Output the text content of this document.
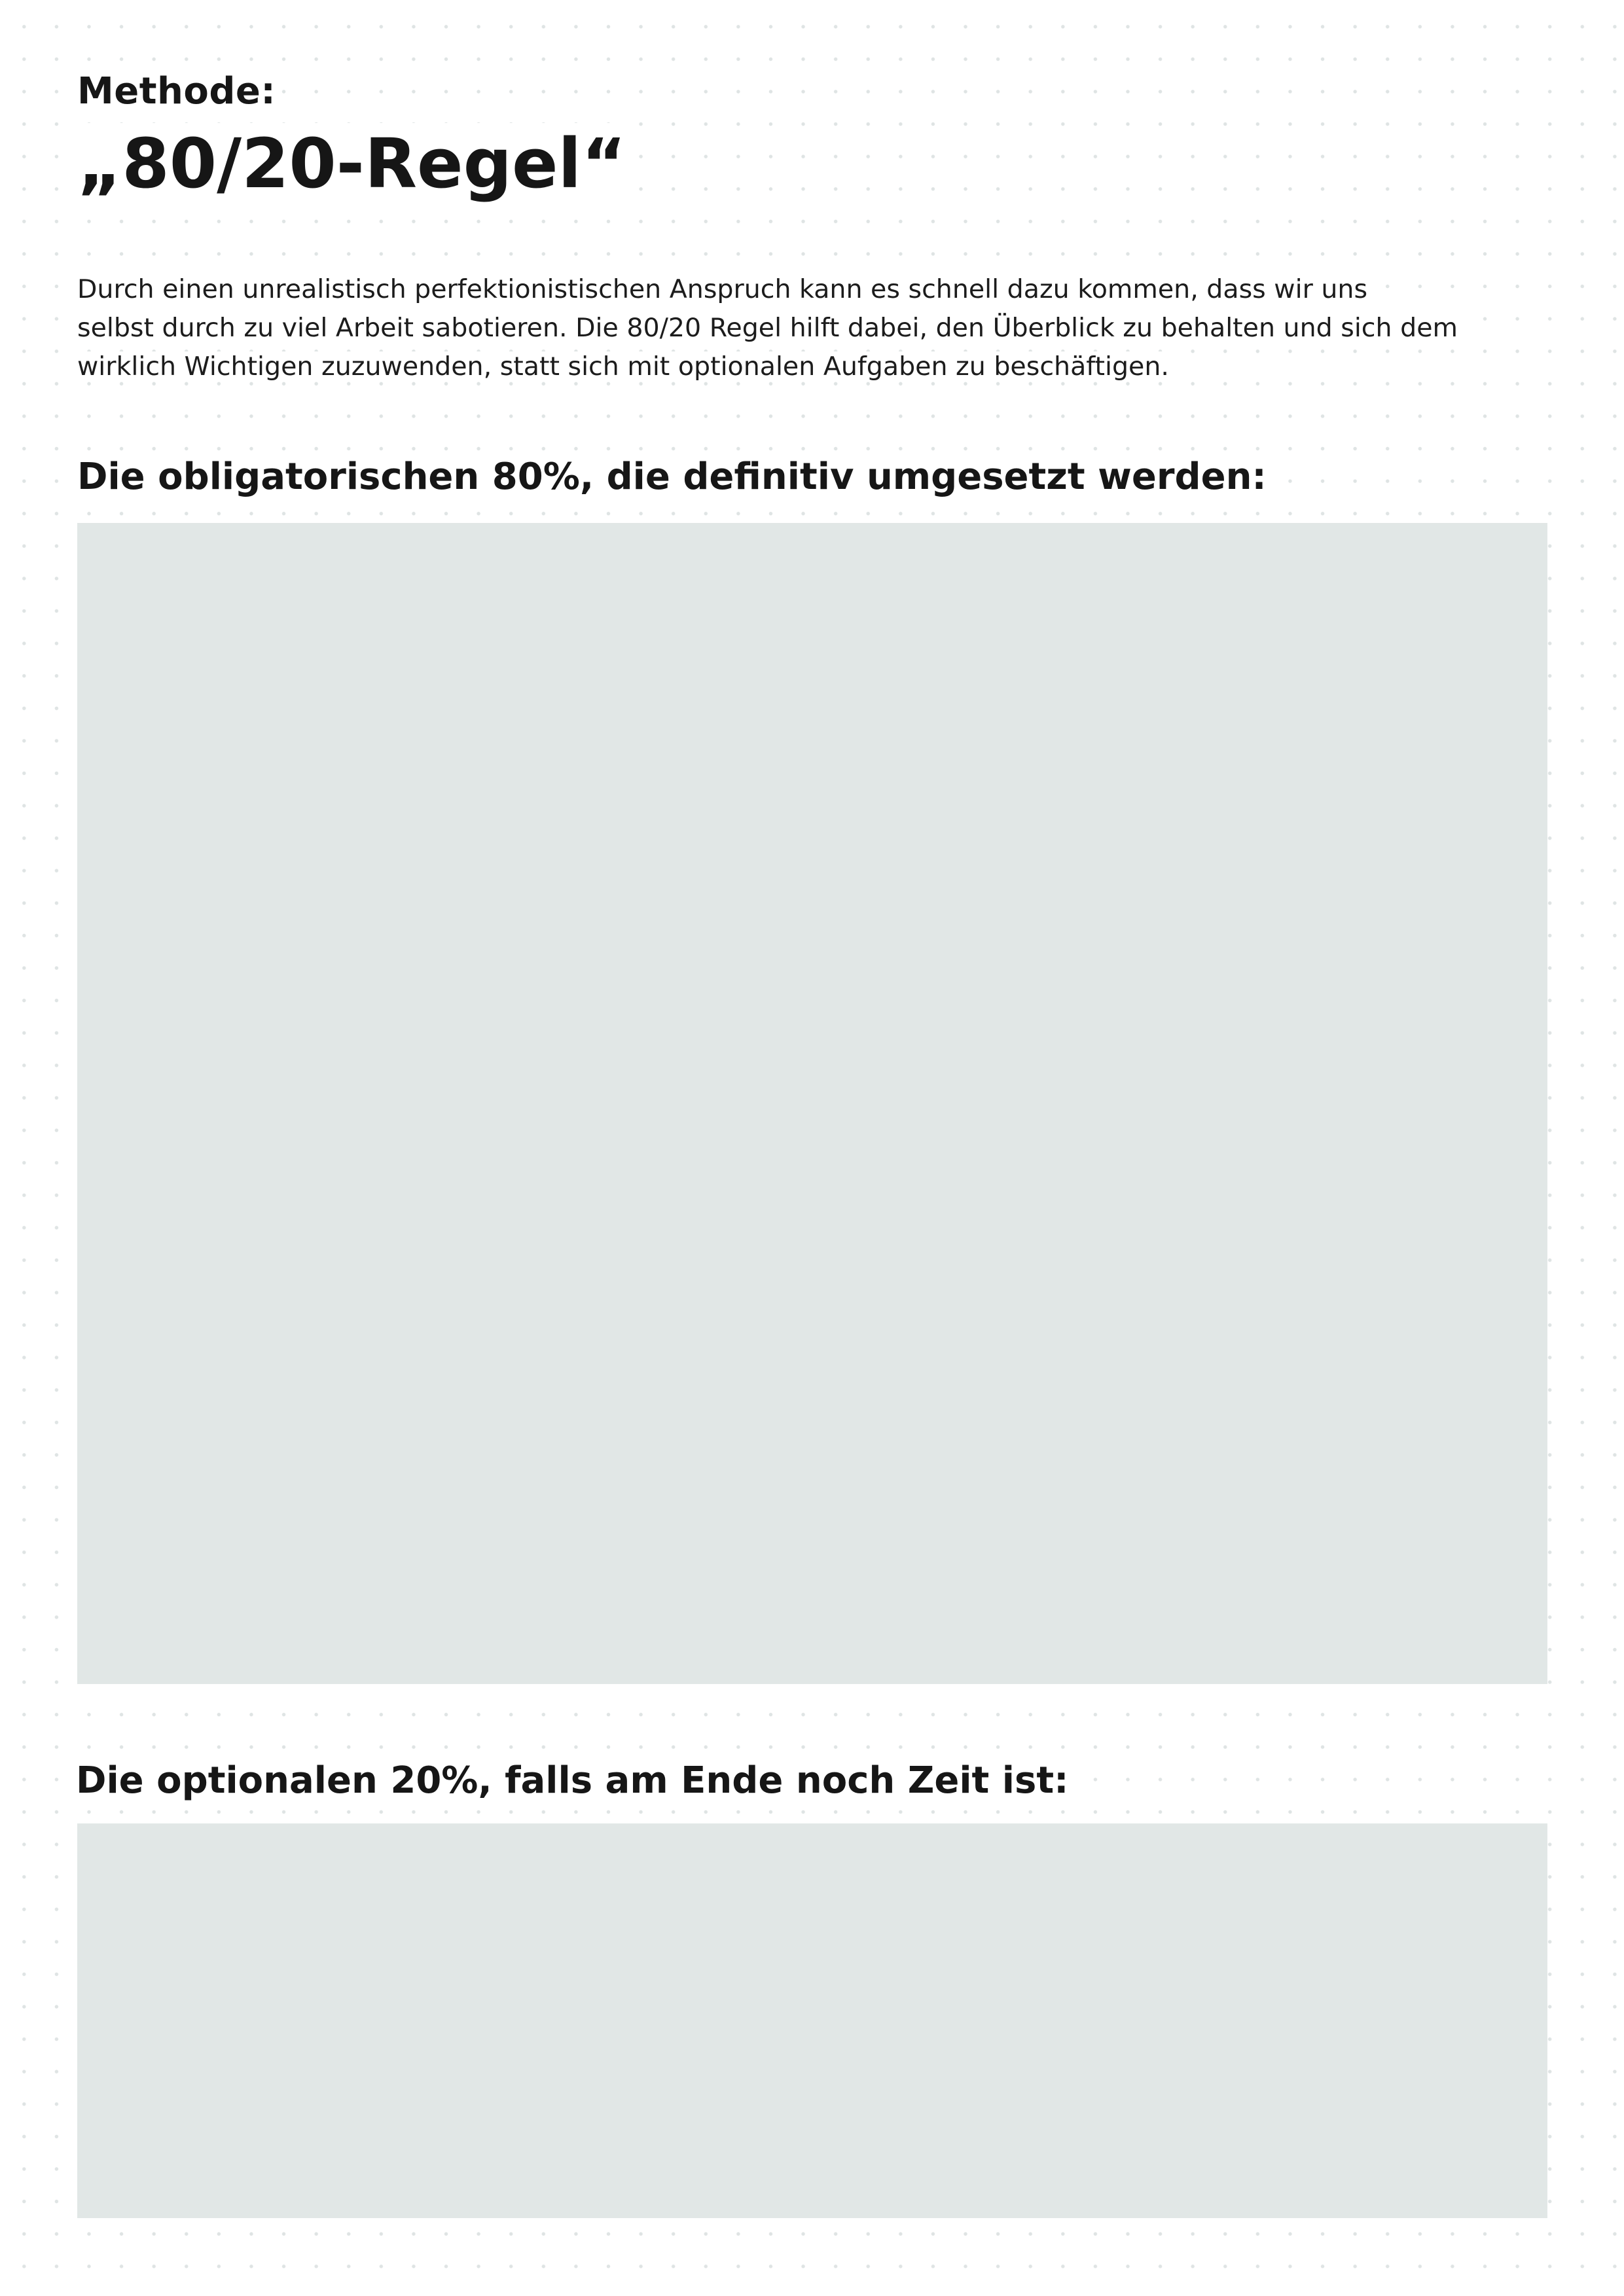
Methode:

„80/20-Regel“

Durch einen unrealistisch perfektionistischen Anspruch kann es schnell dazu kommen, dass wir uns
selbst durch zu viel Arbeit sabotieren. Die 80/20 Regel hilft dabei, den Überblick zu behalten und sich dem
wirklich Wichtigen zuzuwenden, statt sich mit optionalen Aufgaben zu beschäftigen.

Die obligatorischen 80%, die definitiv umgesetzt werden:
Die optionalen 20%, falls am Ende noch Zeit ist:
